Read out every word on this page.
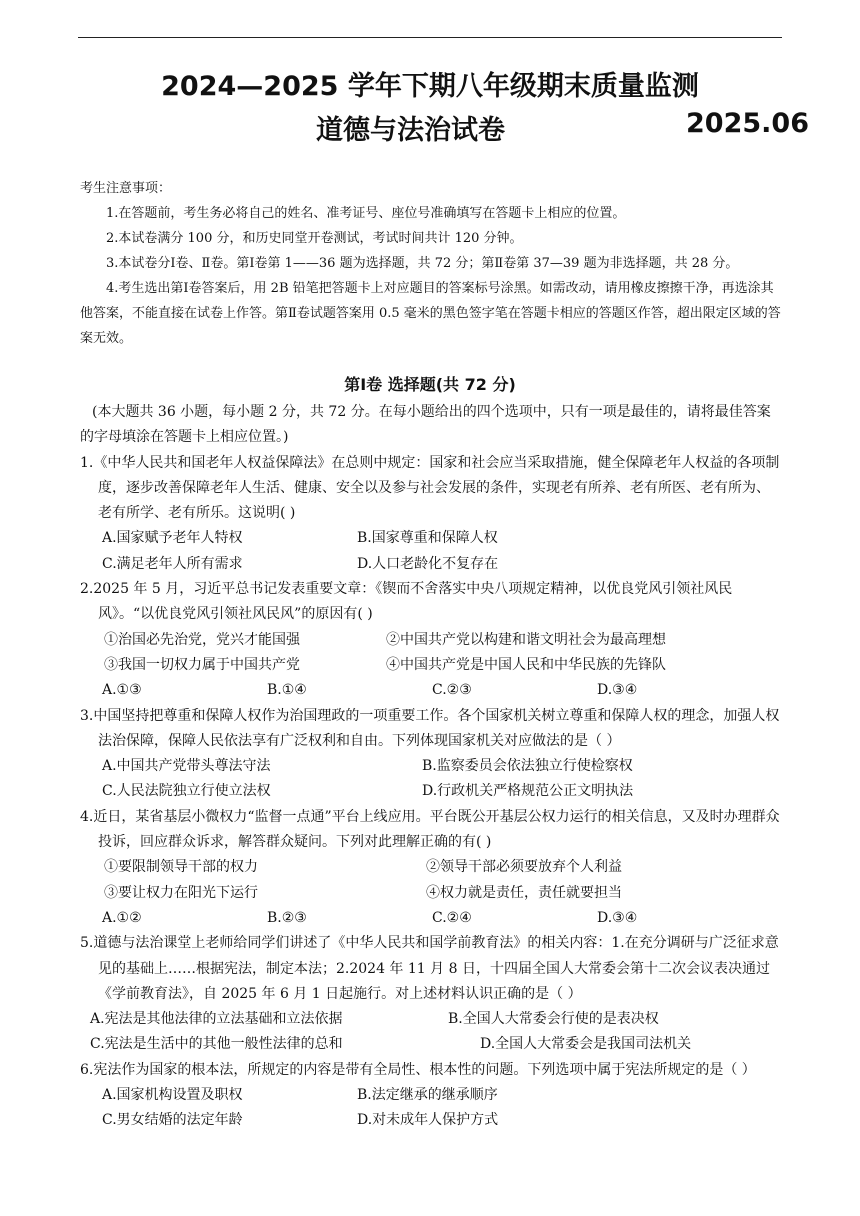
2024—2025 学年下期八年级期末质量监测
道德与法治试卷	2025.06

考生注意事项：

1.在答题前，考生务必将自己的姓名、准考证号、座位号准确填写在答题卡上相应的位置。

2.本试卷满分 100 分，和历史同堂开卷测试，考试时间共计 120 分钟。

3.本试卷分Ⅰ卷、Ⅱ卷。第Ⅰ卷第 1——36 题为选择题，共 72 分；第Ⅱ卷第 37—39 题为非选择题，共 28 分。

4.考生选出第Ⅰ卷答案后，用 2B 铅笔把答题卡上对应题目的答案标号涂黑。如需改动，请用橡皮擦擦干净，再选涂其他答案，不能直接在试卷上作答。第Ⅱ卷试题答案用 0.5 毫米的黑色签字笔在答题卡相应的答题区作答，超出限定区域的答案无效。

第Ⅰ卷 选择题(共 72 分)

(本大题共 36 小题，每小题 2 分，共 72 分。在每小题给出的四个选项中，只有一项是最佳的，请将最佳答案的字母填涂在答题卡上相应位置。)

1.《中华人民共和国老年人权益保障法》在总则中规定：国家和社会应当采取措施，健全保障老年人权益的各项制度，逐步改善保障老年人生活、健康、安全以及参与社会发展的条件，实现老有所养、老有所医、老有所为、老有所学、老有所乐。这说明( )

A.国家赋予老年人特权	B.国家尊重和保障人权
C.满足老年人所有需求	D.人口老龄化不复存在

2.2025 年 5 月，习近平总书记发表重要文章：《锲而不舍落实中央八项规定精神，以优良党风引领社风民风》。“以优良党风引领社风民风”的原因有( )

①治国必先治党，党兴才能国强	②中国共产党以构建和谐文明社会为最高理想
③我国一切权力属于中国共产党	④中国共产党是中国人民和中华民族的先锋队
A.①③	B.①④	C.②③	D.③④

3.中国坚持把尊重和保障人权作为治国理政的一项重要工作。各个国家机关树立尊重和保障人权的理念，加强人权法治保障，保障人民依法享有广泛权利和自由。下列体现国家机关对应做法的是（ ）

A.中国共产党带头尊法守法	B.监察委员会依法独立行使检察权
C.人民法院独立行使立法权	D.行政机关严格规范公正文明执法

4.近日，某省基层小微权力“监督一点通”平台上线应用。平台既公开基层公权力运行的相关信息，又及时办理群众投诉，回应群众诉求，解答群众疑问。下列对此理解正确的有( )

①要限制领导干部的权力	②领导干部必须要放弃个人利益
③要让权力在阳光下运行	④权力就是责任，责任就要担当
A.①②	B.②③	C.②④	D.③④

5.道德与法治课堂上老师给同学们讲述了《中华人民共和国学前教育法》的相关内容：1.在充分调研与广泛征求意见的基础上……根据宪法，制定本法；2.2024 年 11 月 8 日，十四届全国人大常委会第十二次会议表决通过《学前教育法》，自 2025 年 6 月 1 日起施行。对上述材料认识正确的是（ ）

A.宪法是其他法律的立法基础和立法依据	B.全国人大常委会行使的是表决权
C.宪法是生活中的其他一般性法律的总和	D.全国人大常委会是我国司法机关

6.宪法作为国家的根本法，所规定的内容是带有全局性、根本性的问题。下列选项中属于宪法所规定的是（ ）

A.国家机构设置及职权	B.法定继承的继承顺序
C.男女结婚的法定年龄	D.对未成年人保护方式
